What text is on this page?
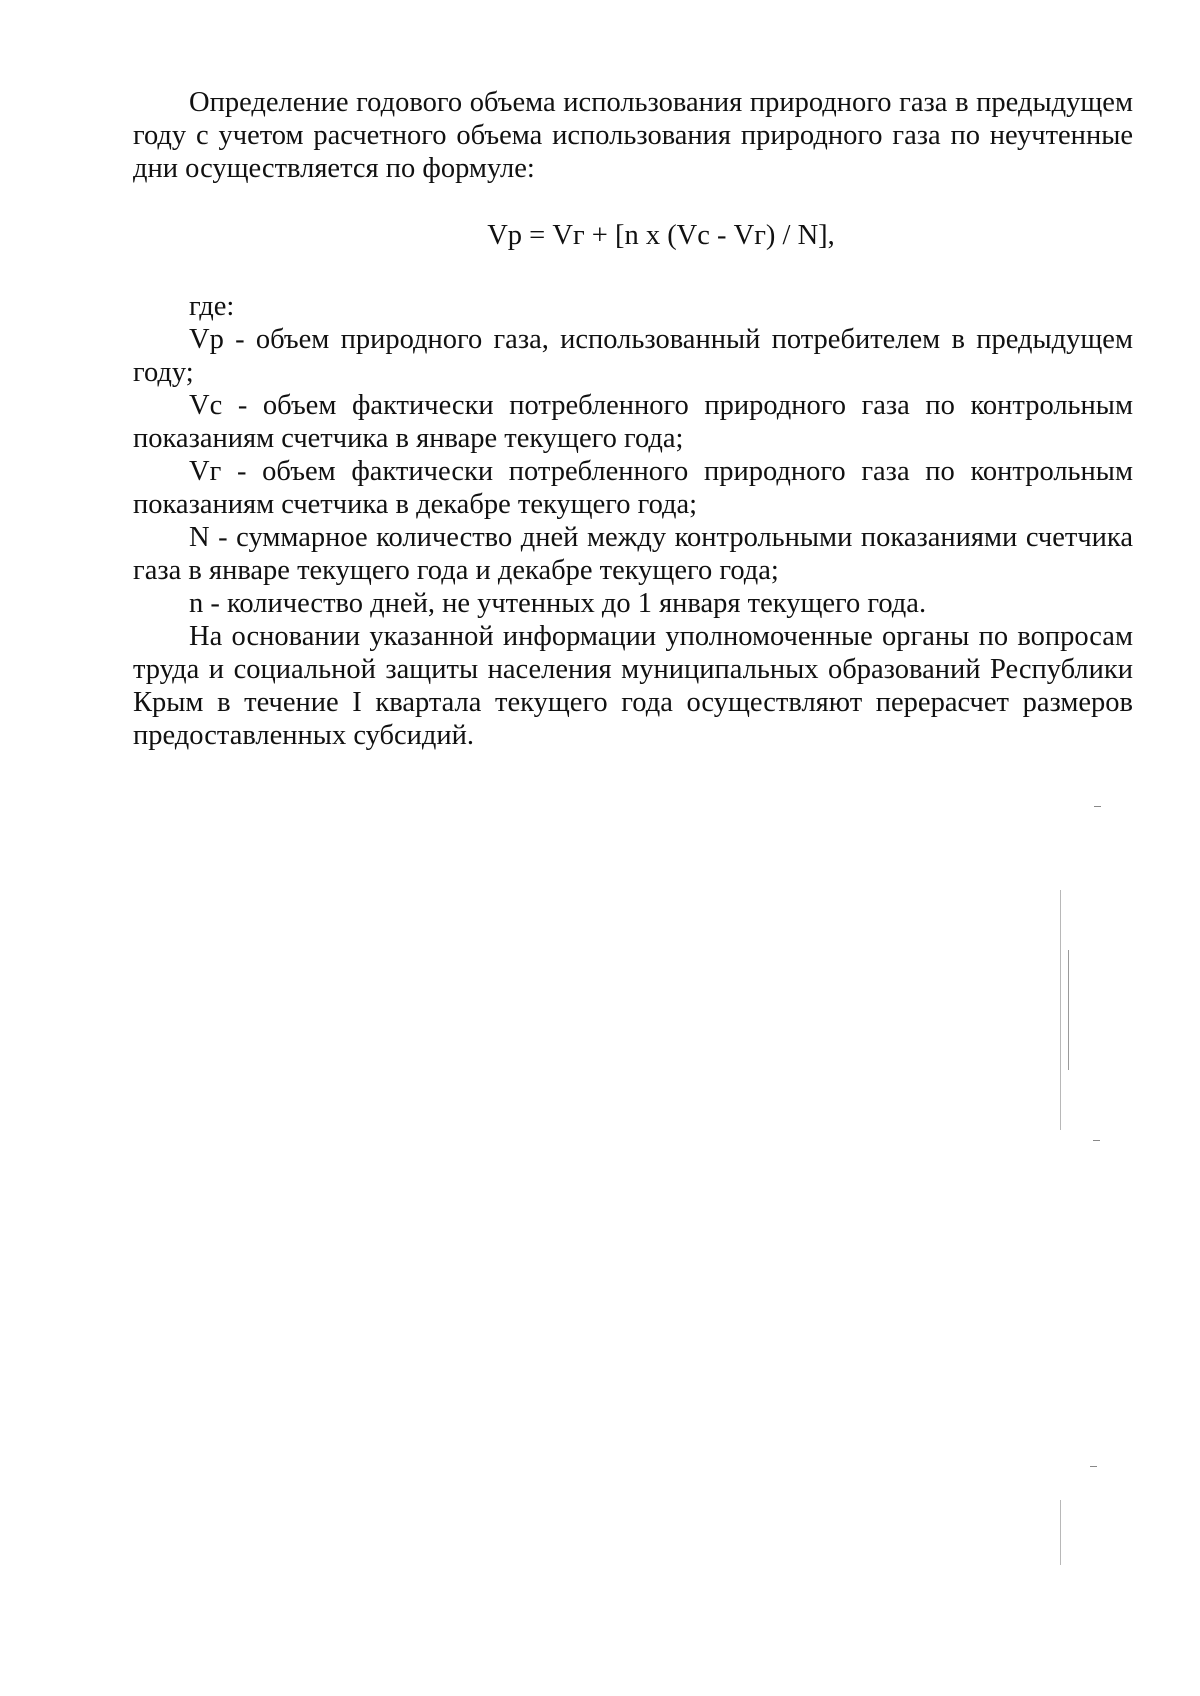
Определение годового объема использования природного газа в предыдущем году с учетом расчетного объема использования природного газа по неучтенные дни осуществляется по формуле:

Vр = Vг + [n x (Vс - Vг) / N],

где:

Vр - объем природного газа, использованный потребителем в предыдущем году;

Vс - объем фактически потребленного природного газа по контрольным показаниям счетчика в январе текущего года;

Vг - объем фактически потребленного природного газа по контрольным показаниям счетчика в декабре текущего года;

N - суммарное количество дней между контрольными показаниями счетчика газа в январе текущего года и декабре текущего года;

n - количество дней, не учтенных до 1 января текущего года.

На основании указанной информации уполномоченные органы по вопросам труда и социальной защиты населения муниципальных образований Республики Крым в течение I квартала текущего года осуществляют перерасчет размеров предоставленных субсидий.
